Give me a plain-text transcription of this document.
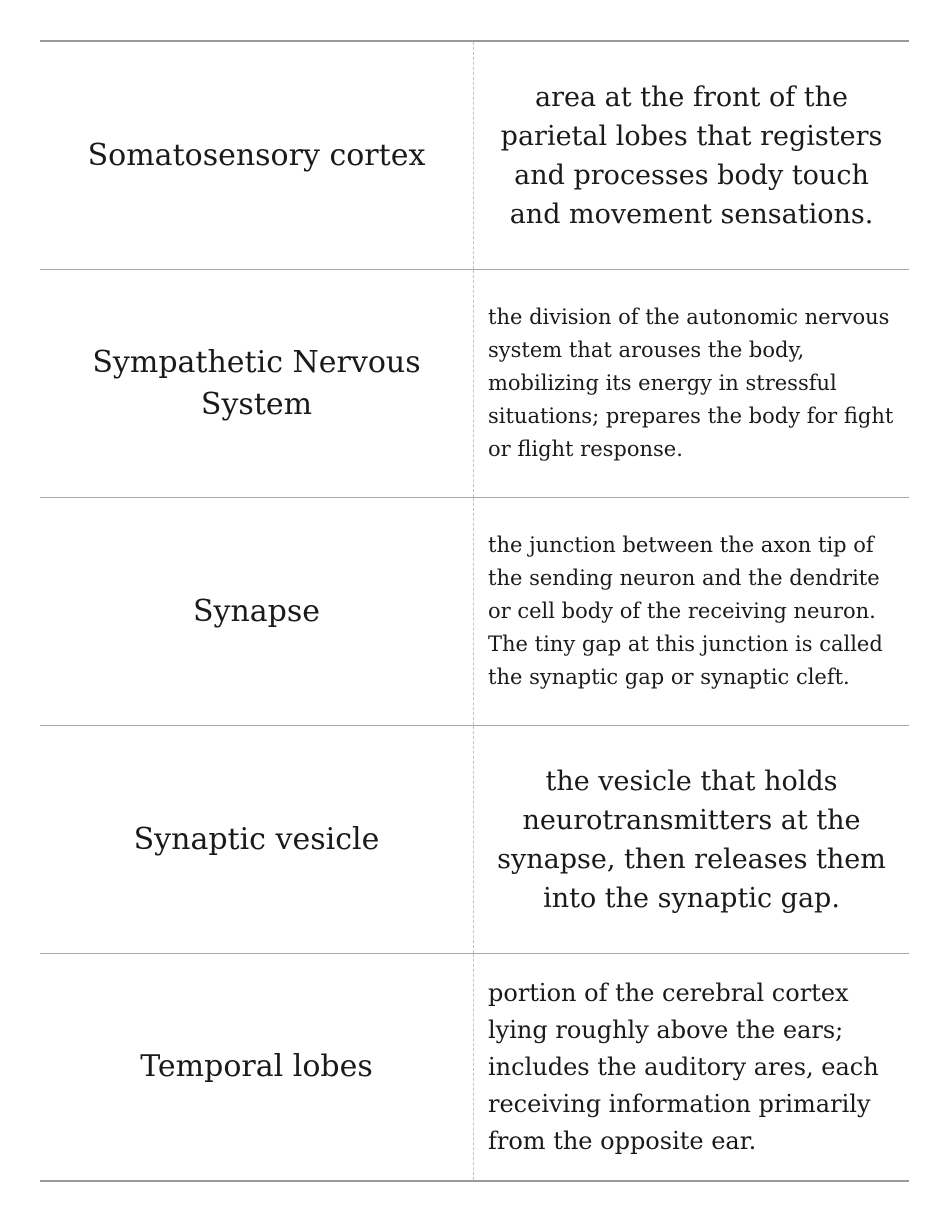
Somatosensory cortex
area at the front of the parietal lobes that registers and processes body touch and movement sensations.
Sympathetic Nervous System
the division of the autonomic nervous system that arouses the body, mobilizing its energy in stressful situations; prepares the body for fight or flight response.
Synapse
the junction between the axon tip of the sending neuron and the dendrite or cell body of the receiving neuron. The tiny gap at this junction is called the synaptic gap or synaptic cleft.
Synaptic vesicle
the vesicle that holds neurotransmitters at the synapse, then releases them into the synaptic gap.
Temporal lobes
portion of the cerebral cortex lying roughly above the ears; includes the auditory ares, each receiving information primarily from the opposite ear.
